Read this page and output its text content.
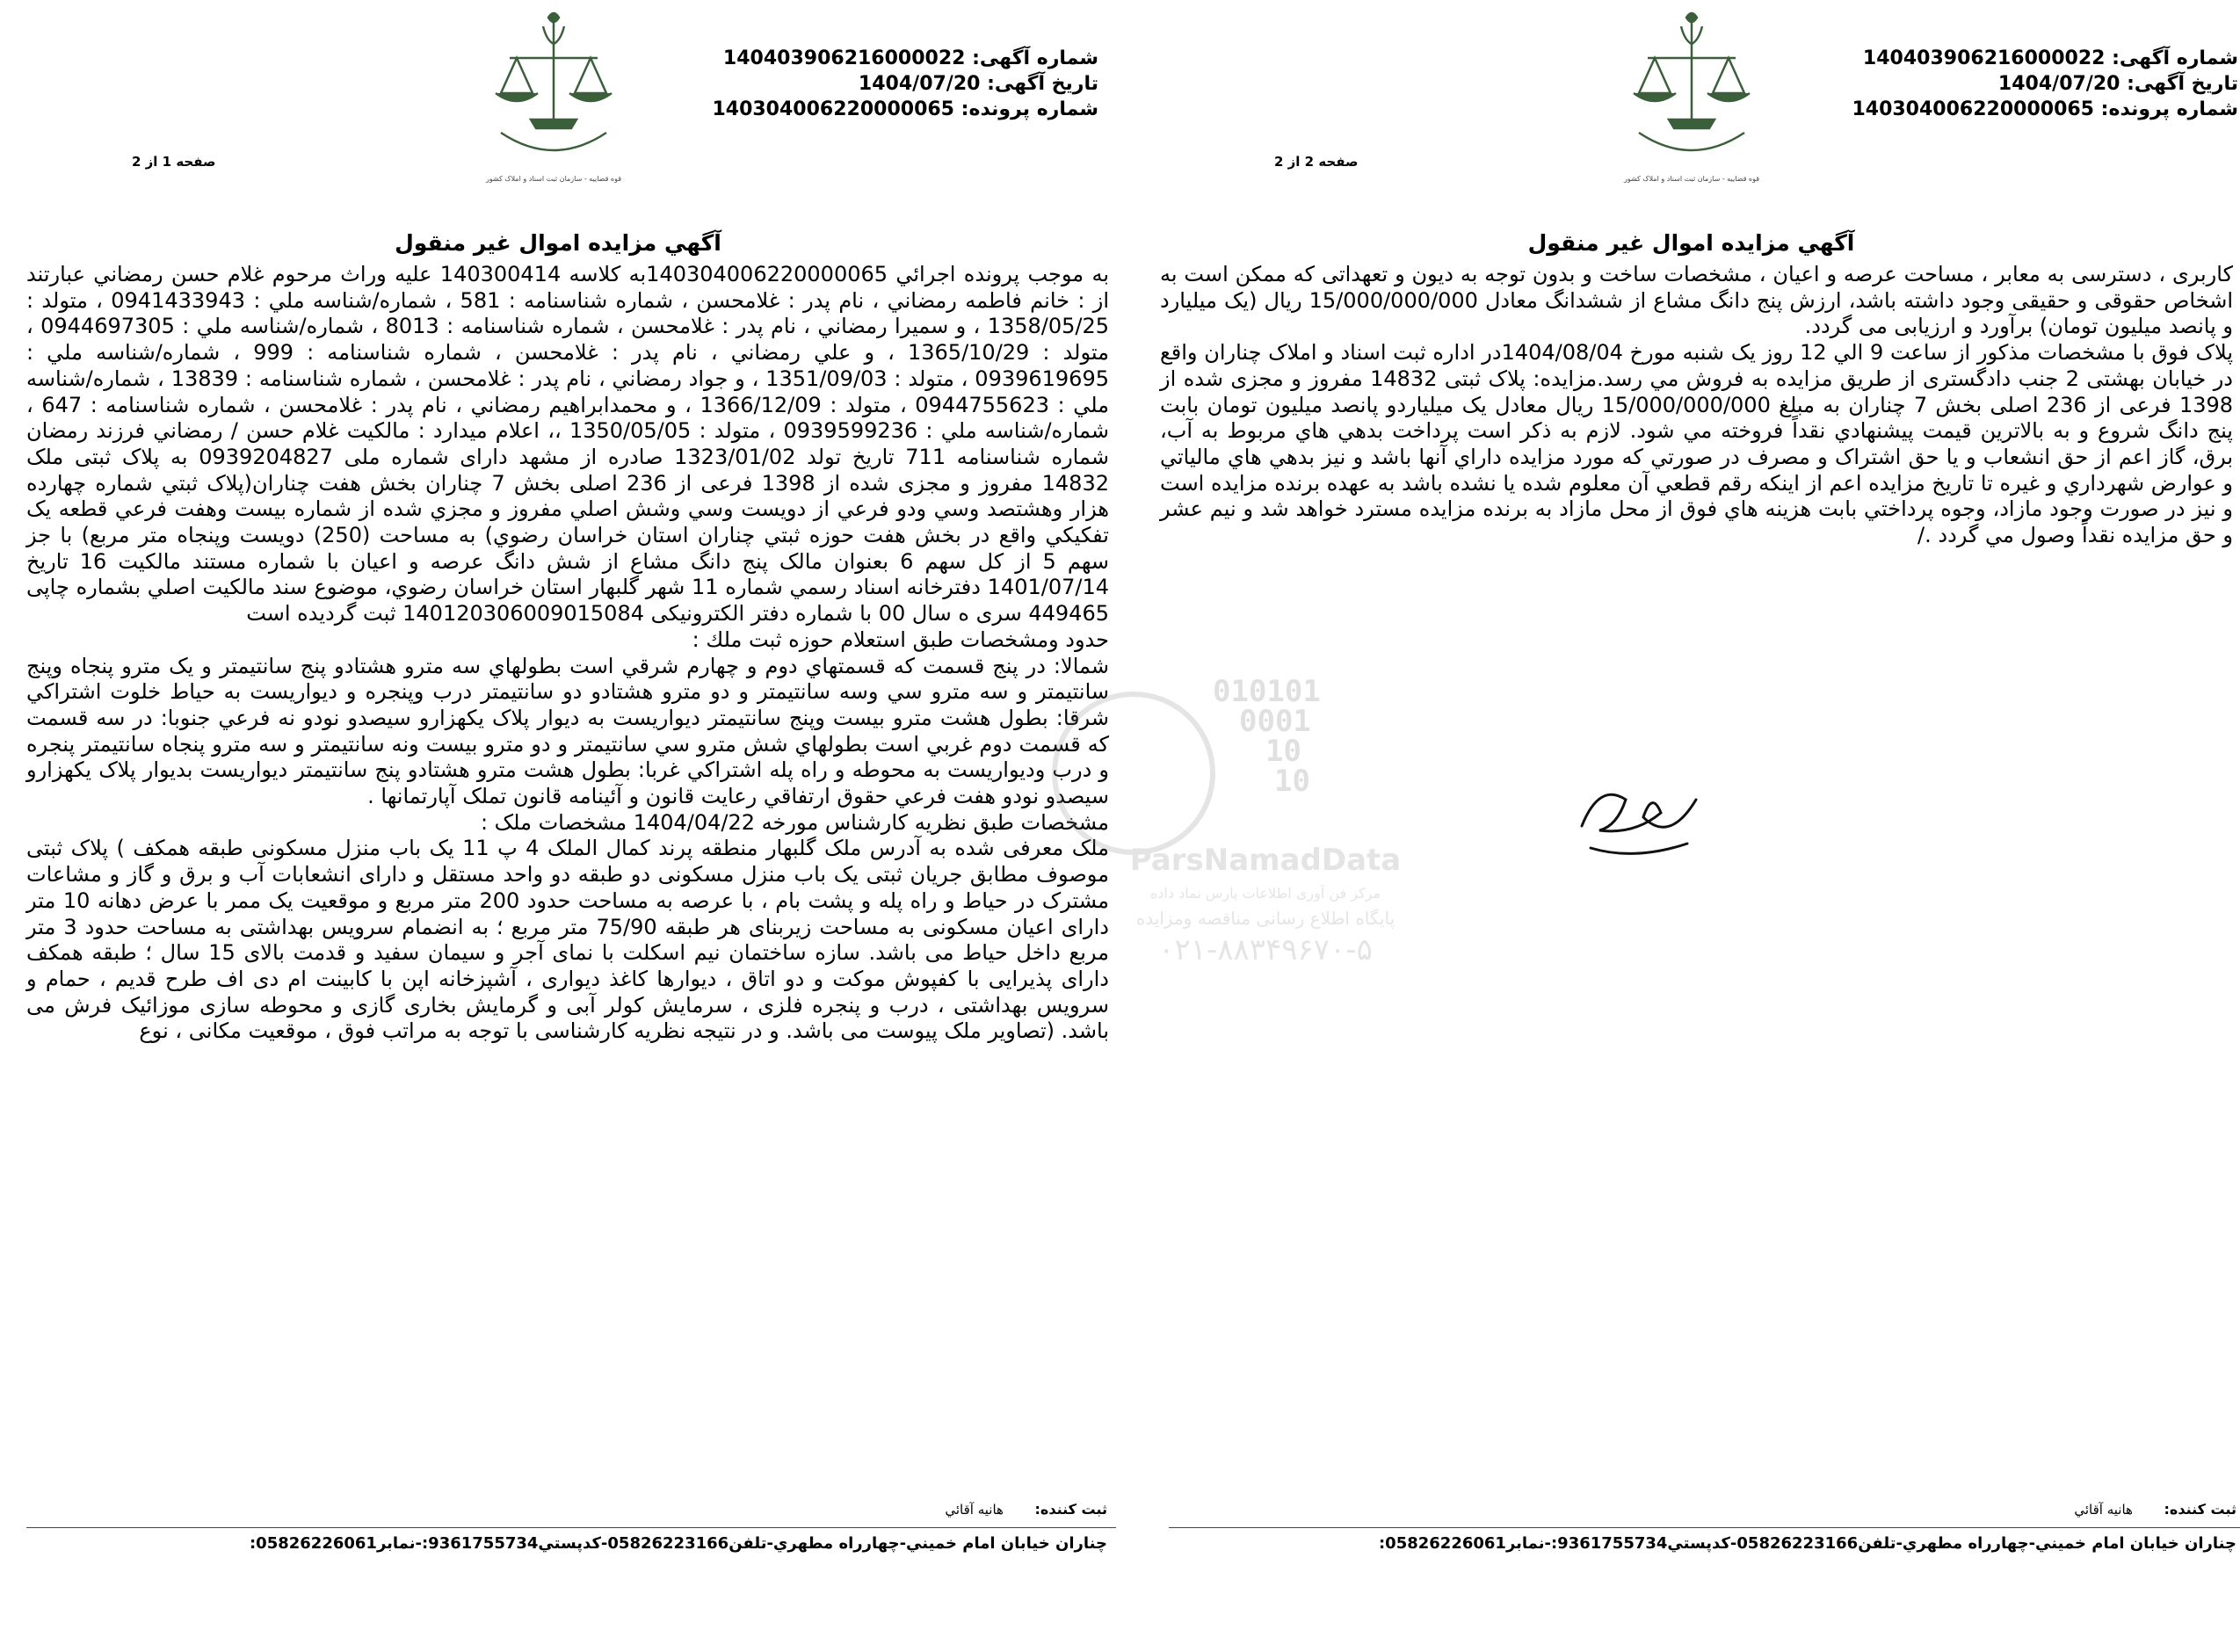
شماره آگهی: 140403906216000022
تاریخ آگهی: 1404/07/20
شماره پرونده: 140304006220000065
قوه قضاییه - سازمان ثبت اسناد و املاک کشور
صفحه 1 از 2
آگهي مزايده اموال غير منقول

به موجب پرونده اجرائي 140304006220000065به کلاسه 140300414 عليه وراث مرحوم غلام حسن رمضاني عبارتند از : خانم فاطمه رمضاني ، نام پدر : غلامحسن ، شماره شناسنامه : 581 ، شماره/شناسه ملي : 0941433943 ، متولد : 1358/05/25 ، و سميرا رمضاني ، نام پدر : غلامحسن ، شماره شناسنامه : 8013 ، شماره/شناسه ملي : 0944697305 ، متولد : 1365/10/29 ، و علي رمضاني ، نام پدر : غلامحسن ، شماره شناسنامه : 999 ، شماره/شناسه ملي : 0939619695 ، متولد : 1351/09/03 ، و جواد رمضاني ، نام پدر : غلامحسن ، شماره شناسنامه : 13839 ، شماره/شناسه ملي : 0944755623 ، متولد : 1366/12/09 ، و محمدابراهيم رمضاني ، نام پدر : غلامحسن ، شماره شناسنامه : 647 ، شماره/شناسه ملي : 0939599236 ، متولد : 1350/05/05 ،، اعلام ميدارد : مالکيت غلام حسن / رمضاني فرزند رمضان شماره شناسنامه 711 تاريخ تولد 1323/01/02 صادره از مشهد داراى شماره ملی 0939204827 به پلاک ثبتی ملک 14832 مفروز و مجزی شده از 1398 فرعی از 236 اصلی بخش 7 چناران بخش هفت چناران(پلاک ثبتي شماره چهارده هزار وهشتصد وسي ودو فرعي از دويست وسي وشش اصلي مفروز و مجزي شده از شماره بيست وهفت فرعي قطعه يک تفکيکي واقع در بخش هفت حوزه ثبتي چناران استان خراسان رضوي) به مساحت (250) دويست وپنجاه متر مربع) با جز سهم 5 از کل سهم 6 بعنوان مالک پنج دانگ مشاع از شش دانگ عرصه و اعيان با شماره مستند مالکيت 16 تاريخ 1401/07/14 دفترخانه اسناد رسمي شماره 11 شهر گلبهار استان خراسان رضوي، موضوع سند مالکيت اصلي بشماره چاپى 449465 سرى ه سال 00 با شماره دفتر الکترونيکى 140120306009015084 ثبت گرديده است

حدود ومشخصات طبق استعلام حوزه ثبت ملك :

شمالا: در پنج قسمت که قسمتهاي دوم و چهارم شرقي است بطولهاي سه مترو هشتادو پنج سانتيمتر و يک مترو پنجاه وپنج سانتيمتر و سه مترو سي وسه سانتيمتر و دو مترو هشتادو دو سانتيمتر درب وپنجره و ديواريست به حياط خلوت اشتراکي شرقا: بطول هشت مترو بيست وپنج سانتيمتر ديواريست به ديوار پلاک يکهزارو سيصدو نودو نه فرعي جنوبا: در سه قسمت که قسمت دوم غربي است بطولهاي شش مترو سي سانتيمتر و دو مترو بيست ونه سانتيمتر و سه مترو پنجاه سانتيمتر پنجره و درب وديواريست به محوطه و راه پله اشتراکي غربا: بطول هشت مترو هشتادو پنج سانتيمتر ديواريست بديوار پلاک يکهزارو سيصدو نودو هفت فرعي حقوق ارتفاقي رعايت قانون و آئينامه قانون تملک آپارتمانها .

مشخصات طبق نظريه کارشناس مورخه 1404/04/22 مشخصات ملک :

ملک معرفی شده به آدرس ملک گلبهار منطقه پرند کمال الملک 4 پ 11 یک باب منزل مسکونی طبقه همکف ) پلاک ثبتی موصوف مطابق جریان ثبتی یک باب منزل مسکونی دو طبقه دو واحد مستقل و دارای انشعابات آب و برق و گاز و مشاعات مشترک در حیاط و راه پله و پشت بام ، با عرصه به مساحت حدود 200 متر مربع و موقعیت یک ممر با عرض دهانه 10 متر دارای اعیان مسکونی به مساحت زیربنای هر طبقه 75/90 متر مربع ؛ به انضمام سرویس بهداشتی به مساحت حدود 3 متر مربع داخل حیاط می باشد. سازه ساختمان نیم اسکلت با نمای آجر و سیمان سفید و قدمت بالای 15 سال ؛ طبقه همکف دارای پذیرایی با کفپوش موکت و دو اتاق ، دیوارها کاغذ دیواری ، آشپزخانه اپن با کابینت ام دی اف طرح قدیم ، حمام و سرویس بهداشتی ، درب و پنجره فلزی ، سرمایش کولر آبی و گرمایش بخاری گازی و محوطه سازی موزائیک فرش می باشد. (تصاویر ملک پیوست می باشد. و در نتیجه نظریه کارشناسی با توجه به مراتب فوق ، موقعیت مکانی ، نوع

ثبت کننده: هانيه آقائي
چناران خيابان امام خميني-چهارراه مطهري-تلفن05826223166-کدپستي9361755734:-نمابر05826226061:
شماره آگهی: 140403906216000022
تاریخ آگهی: 1404/07/20
شماره پرونده: 140304006220000065
قوه قضاییه - سازمان ثبت اسناد و املاک کشور
صفحه 2 از 2
آگهي مزايده اموال غير منقول

کاربری ، دسترسی به معابر ، مساحت عرصه و اعیان ، مشخصات ساخت و بدون توجه به دیون و تعهداتی که ممکن است به اشخاص حقوقی و حقیقی وجود داشته باشد، ارزش پنج دانگ مشاع از ششدانگ معادل 15/000/000/000 ریال (یک میلیارد و پانصد میلیون تومان) برآورد و ارزیابی می گردد.

پلاک فوق با مشخصات مذکور از ساعت 9 الي 12 روز يک شنبه مورخ 1404/08/04در اداره ثبت اسناد و املاک چناران واقع در خیابان بهشتی 2 جنب دادگستری از طريق مزايده به فروش مي رسد.مزایده: پلاک ثبتی 14832 مفروز و مجزی شده از 1398 فرعی از 236 اصلی بخش 7 چناران به مبلغ 15/000/000/000 ریال معادل یک میلیاردو پانصد میلیون تومان بابت پنج دانگ شروع و به بالاترين قيمت پيشنهادي نقداً فروخته مي شود. لازم به ذکر است پرداخت بدهي هاي مربوط به آب، برق، گاز اعم از حق انشعاب و يا حق اشتراک و مصرف در صورتي که مورد مزايده داراي آنها باشد و نيز بدهي هاي مالياتي و عوارض شهرداري و غيره تا تاريخ مزايده اعم از اينکه رقم قطعي آن معلوم شده يا نشده باشد به عهده برنده مزايده است و نيز در صورت وجود مازاد، وجوه پرداختي بابت هزينه هاي فوق از محل مازاد به برنده مزايده مسترد خواهد شد و نيم عشر و حق مزايده نقداً وصول مي گردد ./

ثبت کننده: هانيه آقائي
چناران خيابان امام خميني-چهارراه مطهري-تلفن05826223166-کدپستي9361755734:-نمابر05826226061:
010101
0001
10
10
ParsNamadData
مرکز فن آوری اطلاعات پارس نماد داده
پایگاه اطلاع رسانی مناقصه ومزایده
۰۲۱-۸۸۳۴۹۶۷۰-۵
